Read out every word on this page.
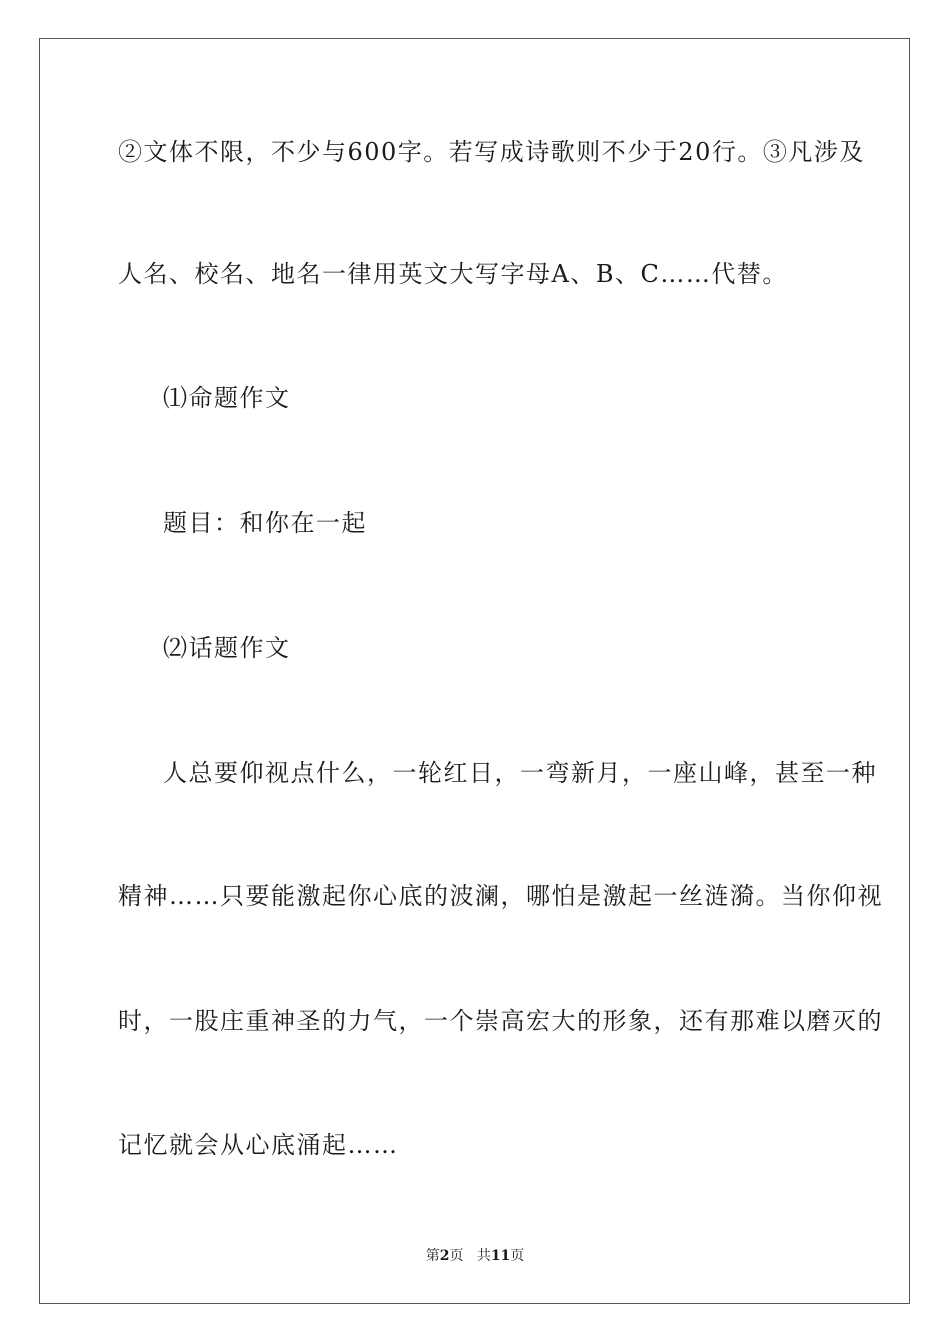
②文体不限，不少与600字。若写成诗歌则不少于20行。③凡涉及
人名、校名、地名一律用英文大写字母A、B、C……代替。
⑴命题作文
题目：和你在一起
⑵话题作文
人总要仰视点什么，一轮红日，一弯新月，一座山峰，甚至一种
精神……只要能激起你心底的波澜，哪怕是激起一丝涟漪。当你仰视
时，一股庄重神圣的力气，一个崇高宏大的形象，还有那难以磨灭的
记忆就会从心底涌起……
第2页 共11页
